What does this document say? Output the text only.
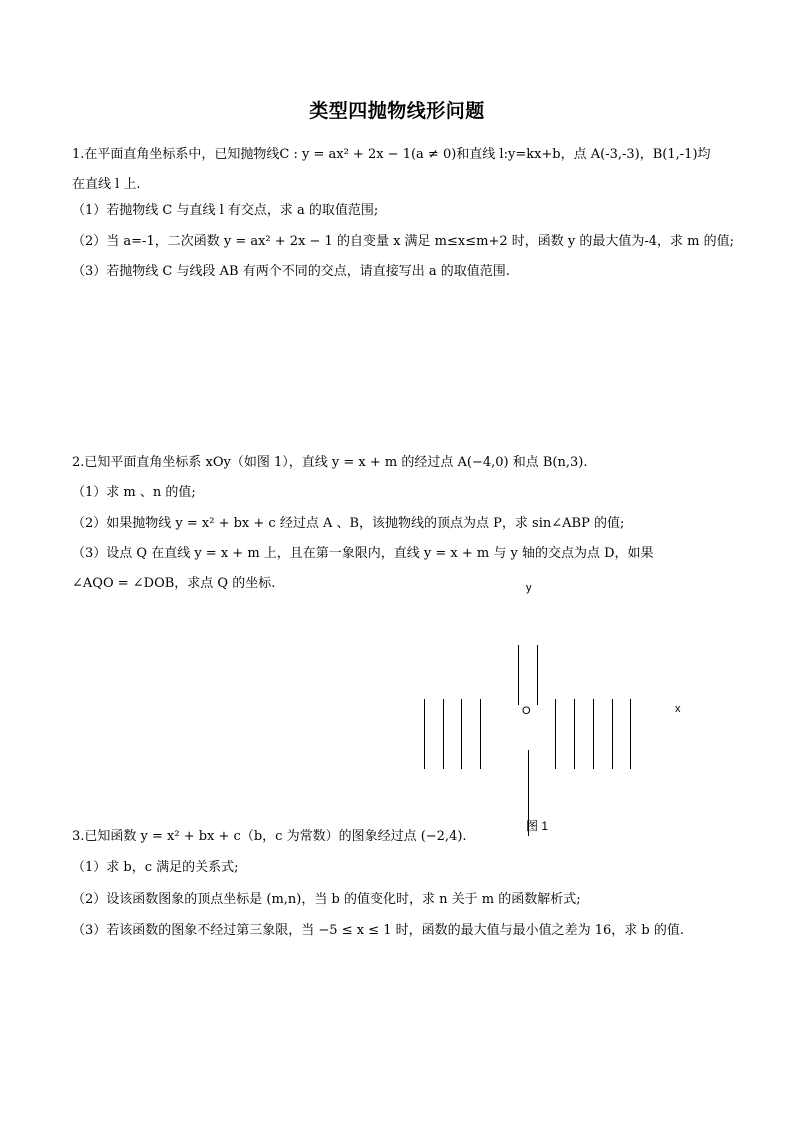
类型四抛物线形问题
1.在平面直角坐标系中，已知抛物线C : y = ax² + 2x − 1(a ≠ 0)和直线 l:y=kx+b，点 A(-3,-3)，B(1,-1)均
在直线 l 上.
（1）若抛物线 C 与直线 l 有交点，求 a 的取值范围;
（2）当 a=-1，二次函数 y = ax² + 2x − 1 的自变量 x 满足 m≤x≤m+2 时，函数 y 的最大值为-4，求 m 的值;
（3）若抛物线 C 与线段 AB 有两个不同的交点，请直接写出 a 的取值范围.
2.已知平面直角坐标系 xOy（如图 1），直线 y = x + m 的经过点 A(−4,0) 和点 B(n,3).
（1）求 m 、n 的值;
（2）如果抛物线 y = x² + bx + c 经过点 A 、B，该抛物线的顶点为点 P，求 sin∠ABP 的值;
（3）设点 Q 在直线 y = x + m 上，且在第一象限内，直线 y = x + m 与 y 轴的交点为点 D，如果
∠AQO = ∠DOB，求点 Q 的坐标.	y
x
O
图 1
3.已知函数 y = x² + bx + c（b，c 为常数）的图象经过点 (−2,4).
（1）求 b，c 满足的关系式;
（2）设该函数图象的顶点坐标是 (m,n)，当 b 的值变化时，求 n 关于 m 的函数解析式;
（3）若该函数的图象不经过第三象限，当 −5 ≤ x ≤ 1 时，函数的最大值与最小值之差为 16，求 b 的值.
